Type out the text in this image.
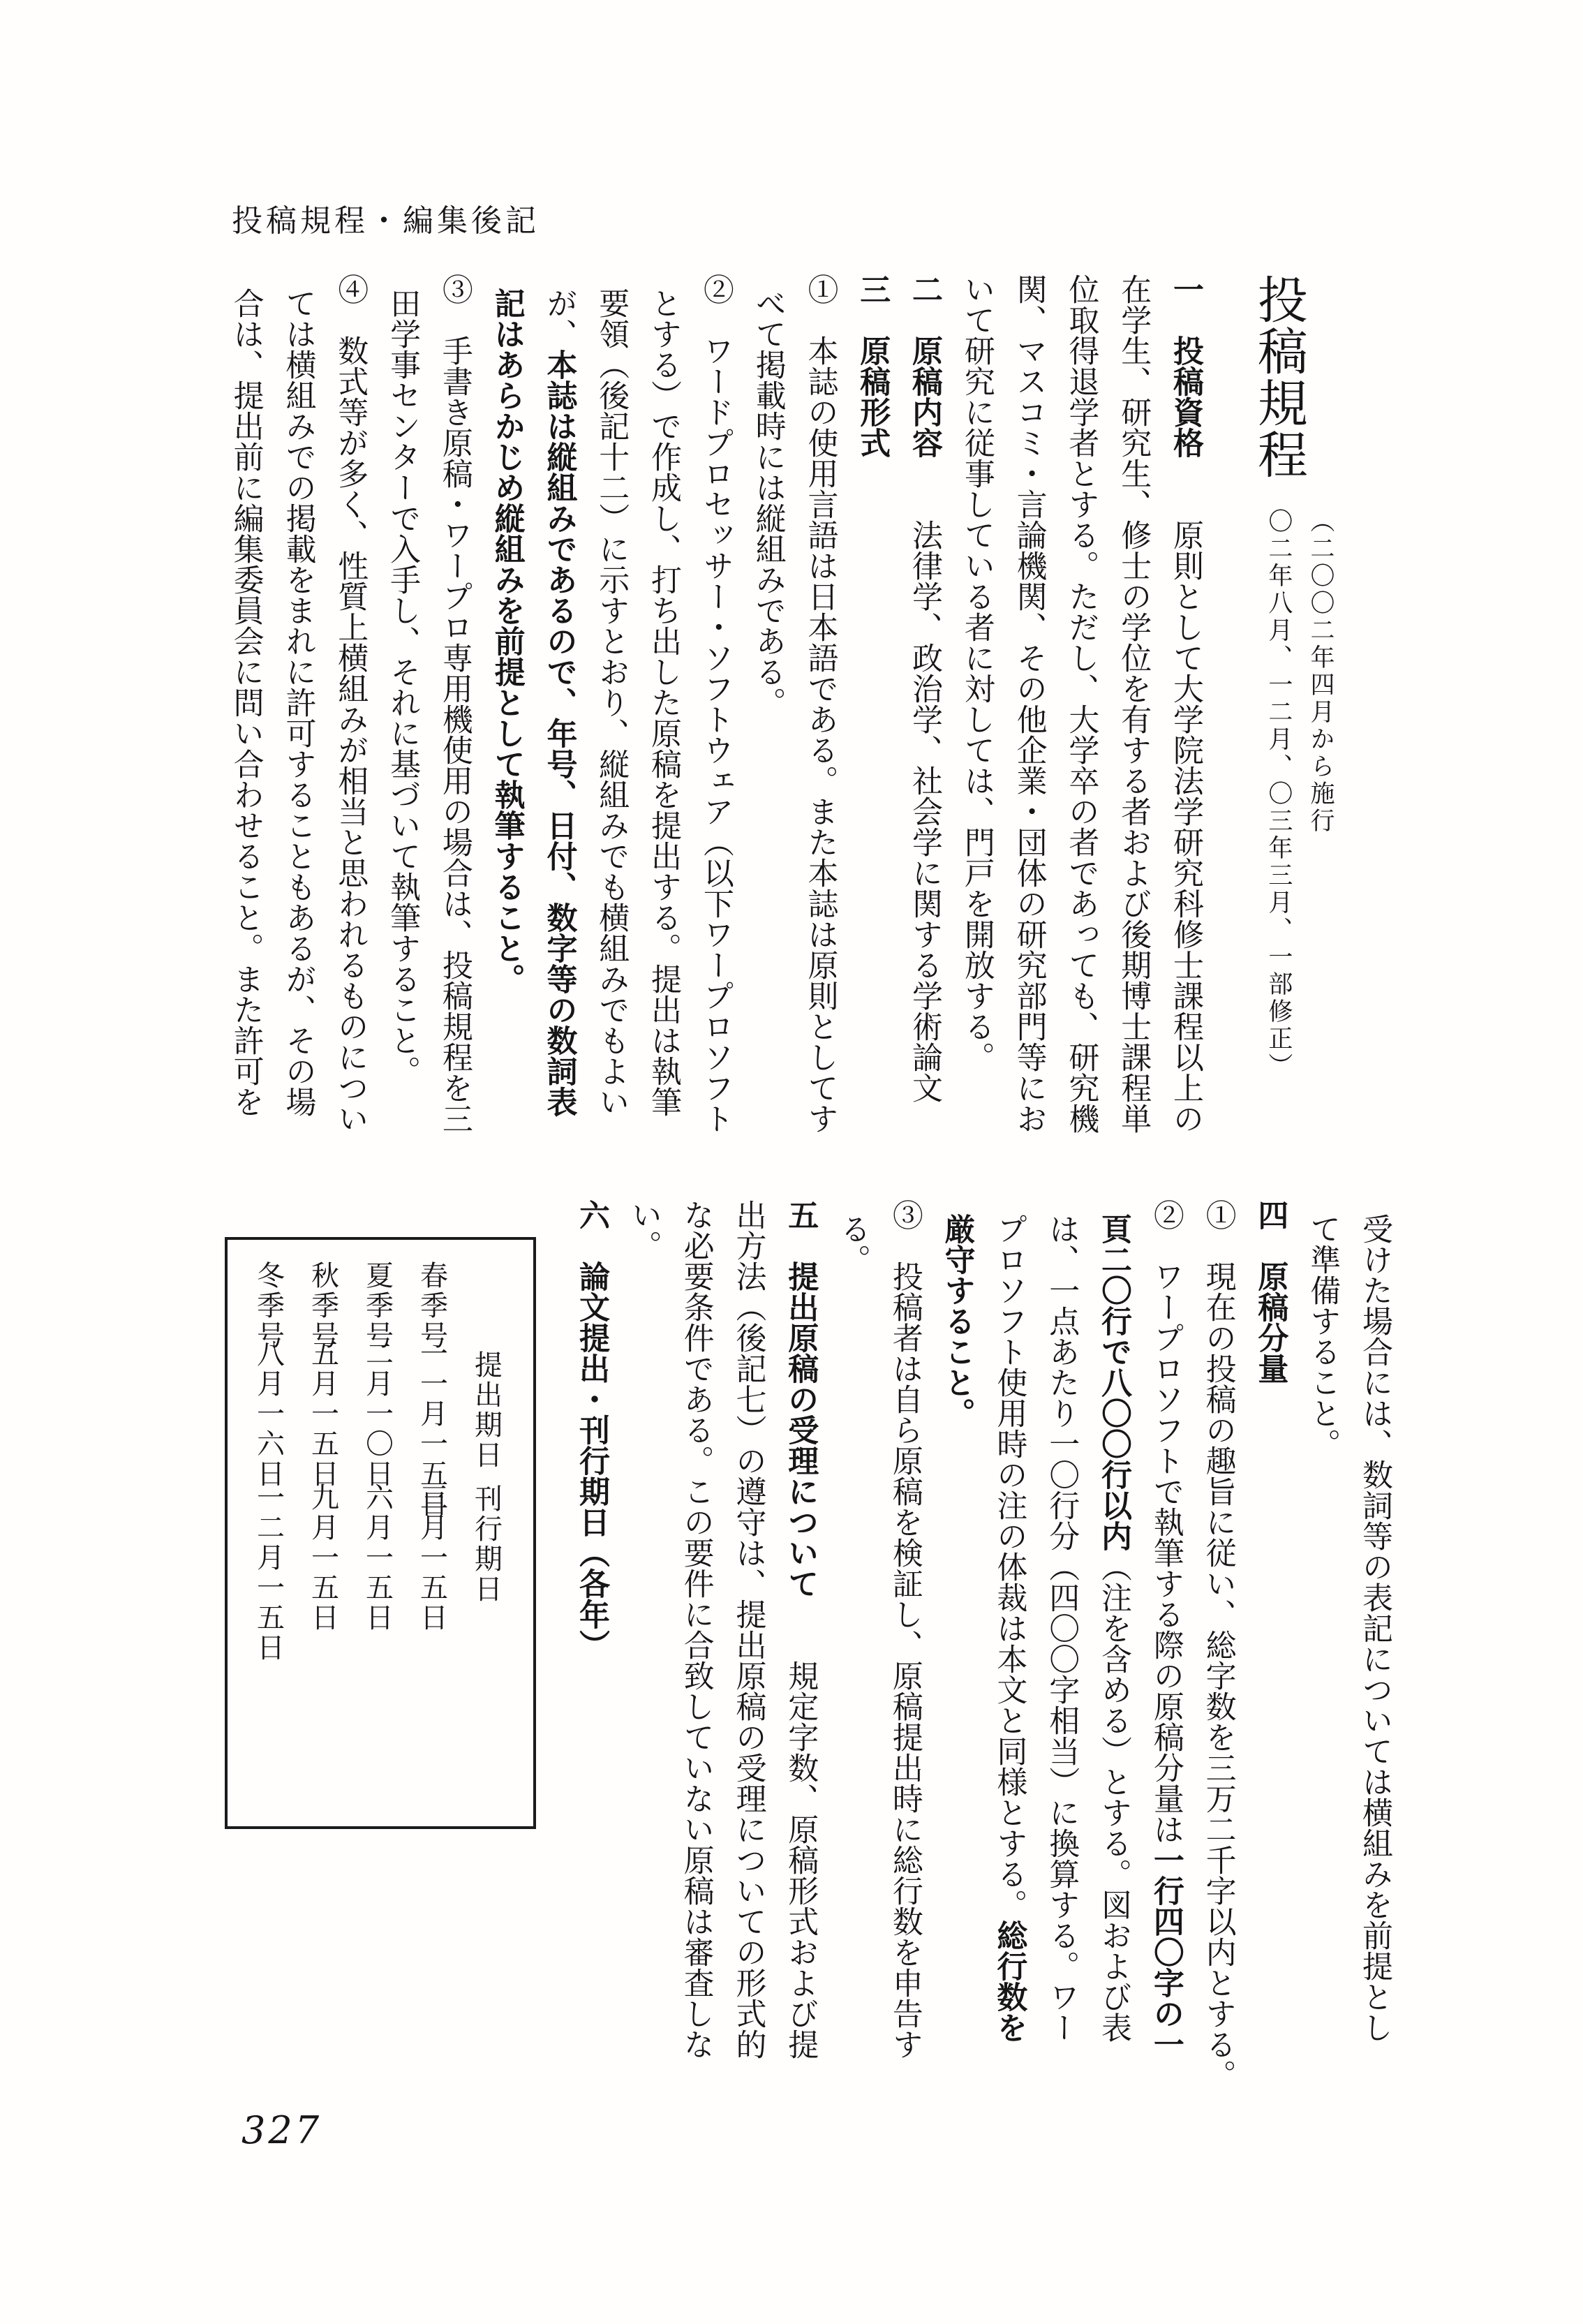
投稿規程・編集後記
投稿規程 （二〇〇二年四月から施行
〇二年八月、一二月、〇三年三月、一部修正）
一　投稿資格　　原則として大学院法学研究科修士課程以上の
在学生、研究生、修士の学位を有する者および後期博士課程単
位取得退学者とする。ただし、大学卒の者であっても、研究機
関、マスコミ・言論機関、その他企業・団体の研究部門等にお
いて研究に従事している者に対しては、門戸を開放する。
二　原稿内容　　法律学、政治学、社会学に関する学術論文
三　原稿形式
①　本誌の使用言語は日本語である。また本誌は原則としてす
べて掲載時には縦組みである。
②　ワードプロセッサー・ソフトウェア（以下ワープロソフト
とする）で作成し、打ち出した原稿を提出する。提出は執筆
要領（後記十二）に示すとおり、縦組みでも横組みでもよい
が、本誌は縦組みであるので、年号、日付、数字等の数詞表
記はあらかじめ縦組みを前提として執筆すること。
③　手書き原稿・ワープロ専用機使用の場合は、投稿規程を三
田学事センターで入手し、それに基づいて執筆すること。
④　数式等が多く、性質上横組みが相当と思われるものについ
ては横組みでの掲載をまれに許可することもあるが、その場
合は、提出前に編集委員会に問い合わせること。また許可を
受けた場合には、数詞等の表記については横組みを前提とし
て準備すること。
四　原稿分量
①　現在の投稿の趣旨に従い、総字数を三万二千字以内とする。
②　ワープロソフトで執筆する際の原稿分量は一行四〇字の一
頁二〇行で八〇〇行以内（注を含める）とする。図および表
は、一点あたり一〇行分（四〇〇字相当）に換算する。ワー
プロソフト使用時の注の体裁は本文と同様とする。総行数を
厳守すること。
③　投稿者は自ら原稿を検証し、原稿提出時に総行数を申告す
る。
五　提出原稿の受理について　　規定字数、原稿形式および提
出方法（後記七）の遵守は、提出原稿の受理についての形式的
な必要条件である。この要件に合致していない原稿は審査しな
い。
六　論文提出・刊行期日（各年）
提出期日
刊行期日
春季号
一一月一五日
三月一五日
夏季号
二月一〇日
六月一五日
秋季号
五月一五日
九月一五日
冬季号
八月一六日
一二月一五日
327
